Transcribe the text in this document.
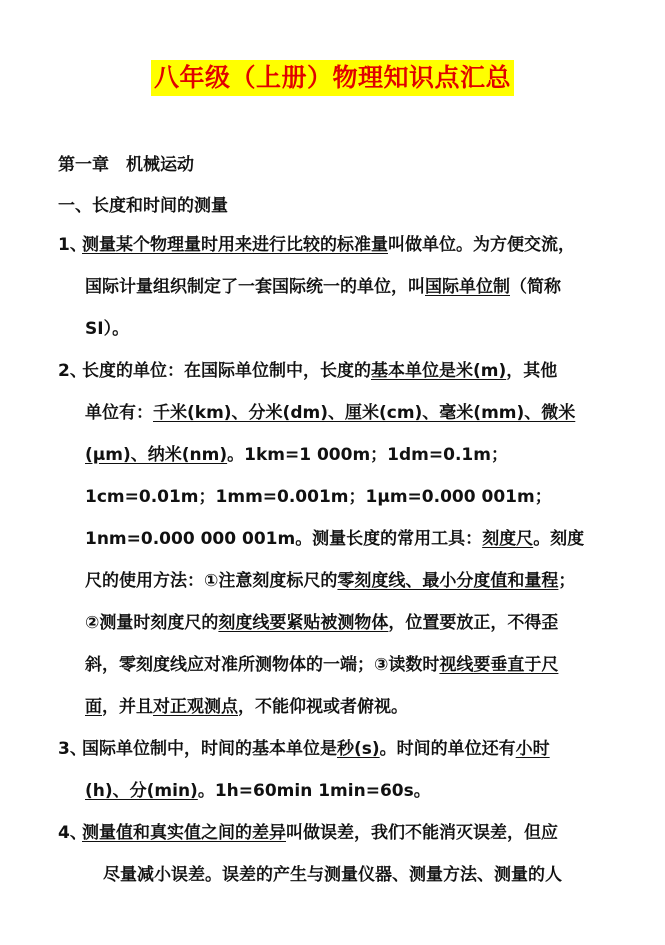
八年级（上册）物理知识点汇总
第一章　机械运动
一、长度和时间的测量
1、
测量某个物理量时用来进行比较的标准量叫做单位。为方便交流，
国际计量组织制定了一套国际统一的单位，叫国际单位制（简称
SI）。
2、
长度的单位：在国际单位制中，长度的基本单位是米(m)，其他
单位有：千米(km)、分米(dm)、厘米(cm)、毫米(mm)、微米
(μm)、纳米(nm)。1km=1 000m；1dm=0.1m；
1cm=0.01m；1mm=0.001m；1μm=0.000 001m；
1nm=0.000 000 001m。测量长度的常用工具：刻度尺。刻度
尺的使用方法：①注意刻度标尺的零刻度线、最小分度值和量程；
②测量时刻度尺的刻度线要紧贴被测物体，位置要放正，不得歪
斜，零刻度线应对准所测物体的一端；③读数时视线要垂直于尺
面，并且对正观测点，不能仰视或者俯视。
3、
国际单位制中，时间的基本单位是秒(s)。时间的单位还有小时
(h)、分(min)。1h=60min 1min=60s。
4、
测量值和真实值之间的差异叫做误差，我们不能消灭误差，但应
尽量减小误差。误差的产生与测量仪器、测量方法、测量的人
